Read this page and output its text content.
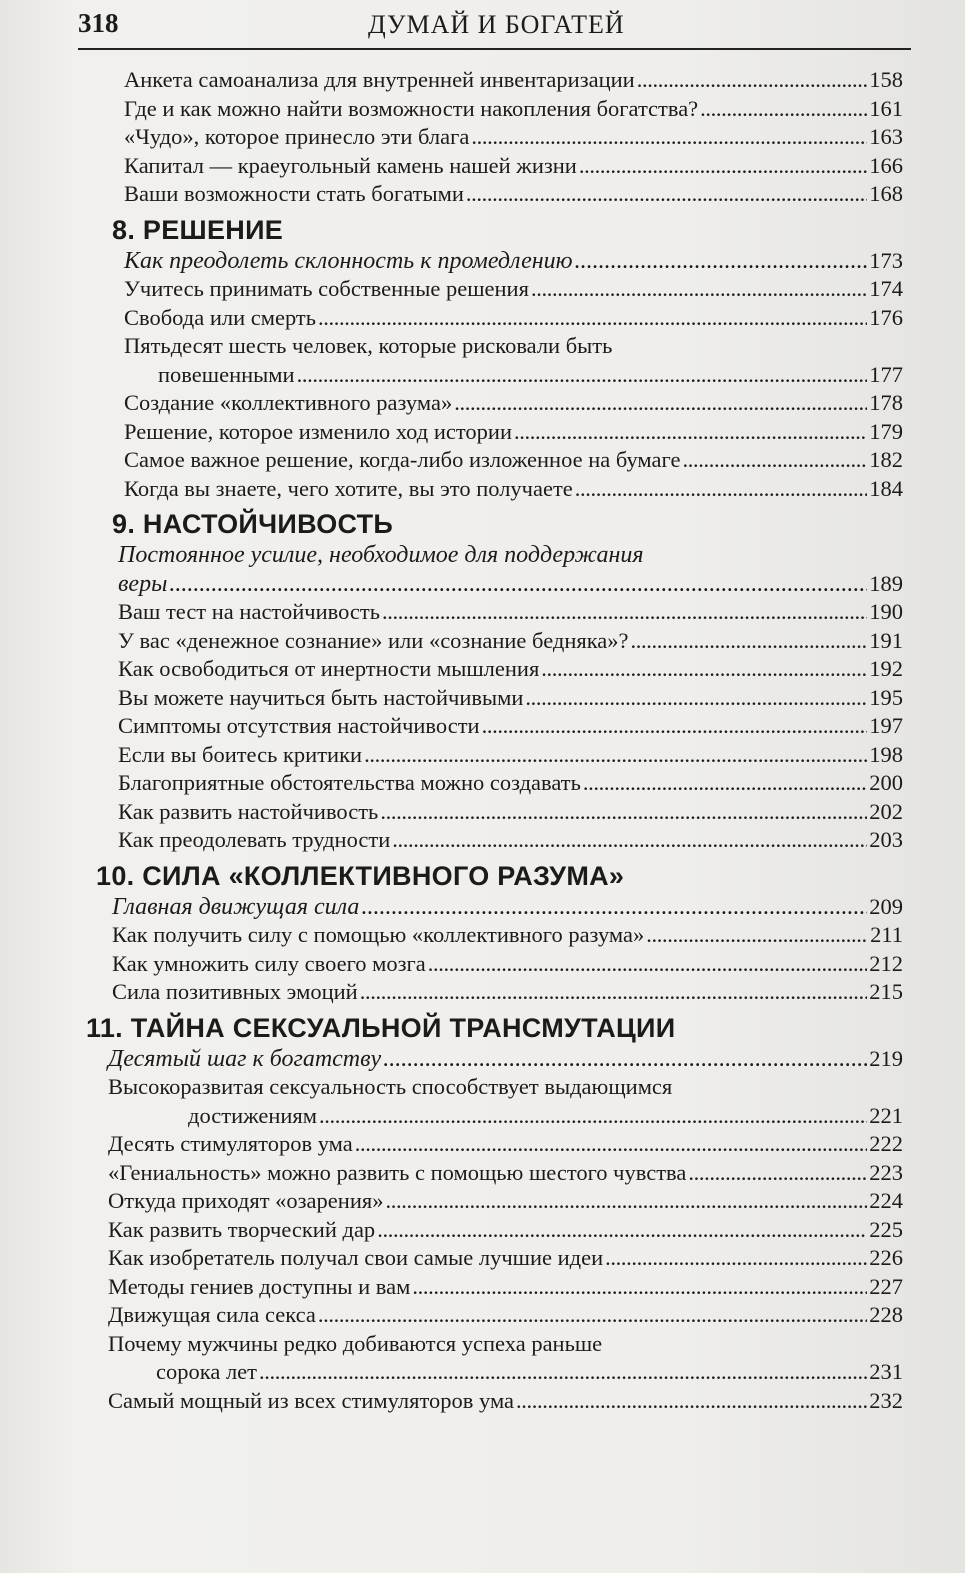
318	ДУМАЙ И БОГАТЕЙ
Анкета самоанализа для внутренней инвентаризации . . .	158
Где и как можно найти возможности накопления богатства? . . .	161
«Чудо», которое принесло эти блага . . .	163
Капитал — краеугольный камень нашей жизни . . .	166
Ваши возможности стать богатыми . . .	168
8. РЕШЕНИЕ
Как преодолеть склонность к промедлению . . .	173
Учитесь принимать собственные решения . . .	174
Свобода или смерть . . .	176
Пятьдесят шесть человек, которые рисковали быть
повешенными . . .	177
Создание «коллективного разума» . . .	178
Решение, которое изменило ход истории . . .	179
Самое важное решение, когда-либо изложенное на бумаге . . .	182
Когда вы знаете, чего хотите, вы это получаете . . .	184
9. НАСТОЙЧИВОСТЬ
Постоянное усилие, необходимое для поддержания
веры . . .	189
Ваш тест на настойчивость . . .	190
У вас «денежное сознание» или «сознание бедняка»? . . .	191
Как освободиться от инертности мышления . . .	192
Вы можете научиться быть настойчивыми . . .	195
Симптомы отсутствия настойчивости . . .	197
Если вы боитесь критики . . .	198
Благоприятные обстоятельства можно создавать . . .	200
Как развить настойчивость . . .	202
Как преодолевать трудности . . .	203
10. СИЛА «КОЛЛЕКТИВНОГО РАЗУМА»
Главная движущая сила . . .	209
Как получить силу с помощью «коллективного разума» . . .	211
Как умножить силу своего мозга . . .	212
Сила позитивных эмоций . . .	215
11. ТАЙНА СЕКСУАЛЬНОЙ ТРАНСМУТАЦИИ
Десятый шаг к богатству . . .	219
Высокоразвитая сексуальность способствует выдающимся
достижениям . . .	221
Десять стимуляторов ума . . .	222
«Гениальность» можно развить с помощью шестого чувства . . .	223
Откуда приходят «озарения» . . .	224
Как развить творческий дар . . .	225
Как изобретатель получал свои самые лучшие идеи . . .	226
Методы гениев доступны и вам . . .	227
Движущая сила секса . . .	228
Почему мужчины редко добиваются успеха раньше
сорока лет . . .	231
Самый мощный из всех стимуляторов ума . . .	232
